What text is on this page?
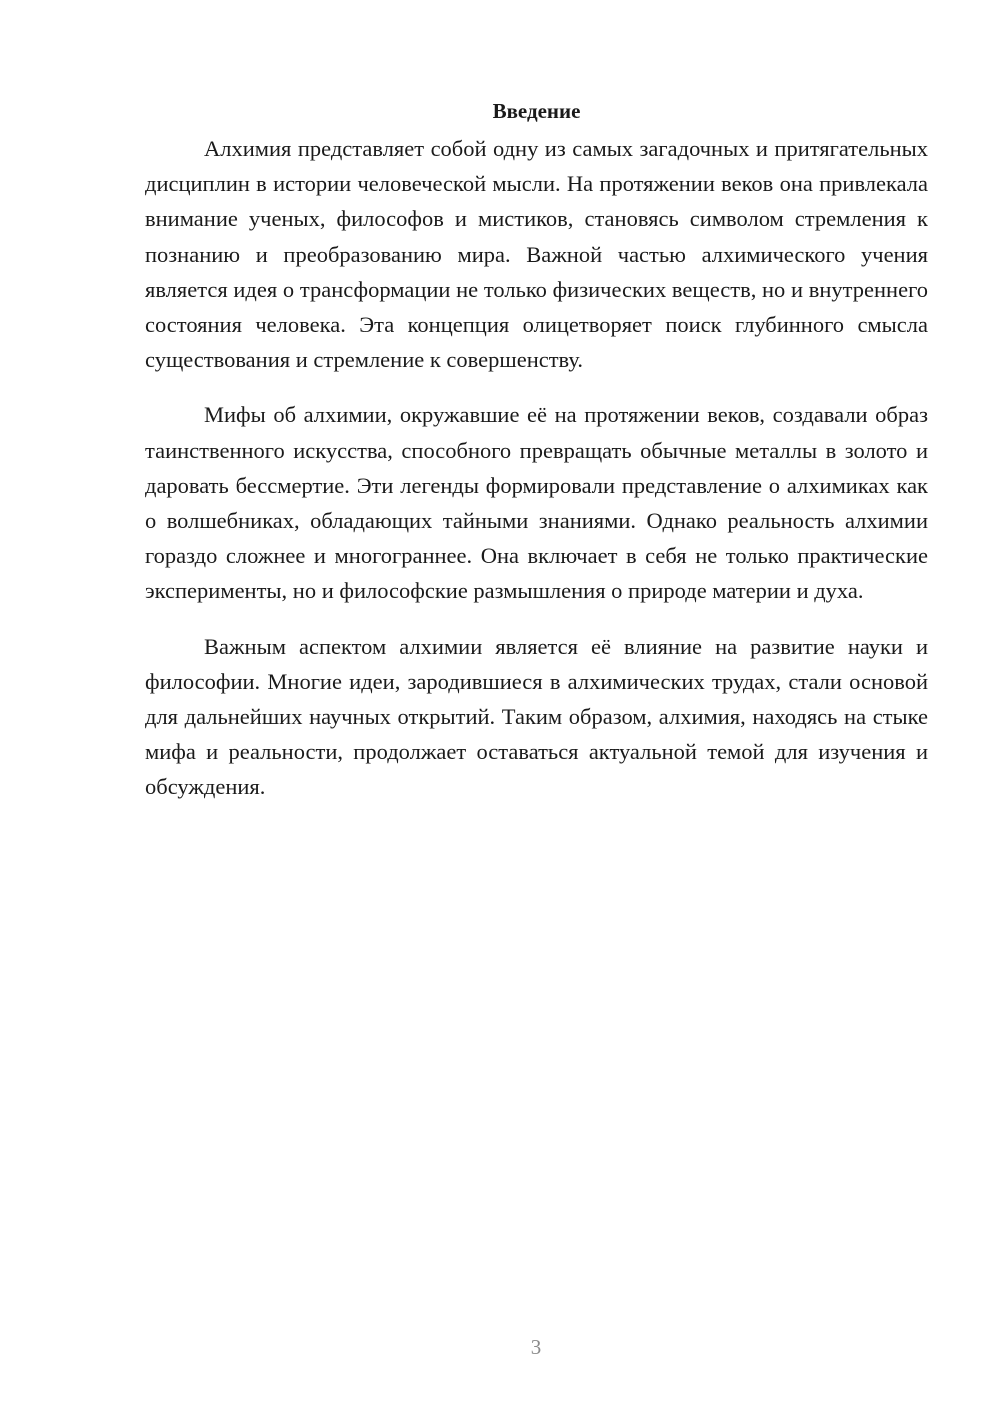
Введение

Алхимия представляет собой одну из самых загадочных и притягательных дисциплин в истории человеческой мысли. На протяжении веков она привлекала внимание ученых, философов и мистиков, становясь символом стремления к познанию и преобразованию мира. Важной частью алхимического учения является идея о трансформации не только физических веществ, но и внутреннего состояния человека. Эта концепция олицетворяет поиск глубинного смысла существования и стремление к совершенству.

Мифы об алхимии, окружавшие её на протяжении веков, создавали образ таинственного искусства, способного превращать обычные металлы в золото и даровать бессмертие. Эти легенды формировали представление о алхимиках как о волшебниках, обладающих тайными знаниями. Однако реальность алхимии гораздо сложнее и многограннее. Она включает в себя не только практические эксперименты, но и философские размышления о природе материи и духа.

Важным аспектом алхимии является её влияние на развитие науки и философии. Многие идеи, зародившиеся в алхимических трудах, стали основой для дальнейших научных открытий. Таким образом, алхимия, находясь на стыке мифа и реальности, продолжает оставаться актуальной темой для изучения и обсуждения.

3
